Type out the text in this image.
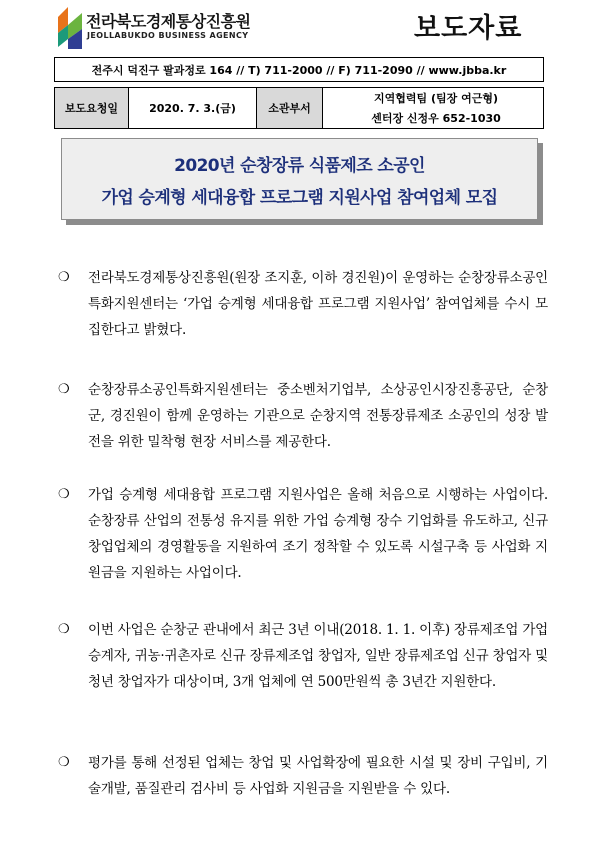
전라북도경제통상진흥원
JEOLLABUKDO BUSINESS AGENCY	보도자료
전주시 덕진구 팔과정로 164 // T) 711-2000 // F) 711-2090 // www.jbba.kr
보도요청일	2020. 7. 3.(금)	소관부서
지역협력팀 (팀장 여근형)
센터장 신정우 652-1030
2020년 순창장류 식품제조 소공인
가업 승계형 세대융합 프로그램 지원사업 참여업체 모집
❍ 전라북도경제통상진흥원(원장 조지훈, 이하 경진원)이 운영하는 순창장류소공인특화지원센터는 ‘가업 승계형 세대융합 프로그램 지원사업’ 참여업체를 수시 모집한다고 밝혔다.
❍ 순창장류소공인특화지원센터는 중소벤처기업부, 소상공인시장진흥공단, 순창군, 경진원이 함께 운영하는 기관으로 순창지역 전통장류제조 소공인의 성장 발전을 위한 밀착형 현장 서비스를 제공한다.
❍ 가업 승계형 세대융합 프로그램 지원사업은 올해 처음으로 시행하는 사업이다. 순창장류 산업의 전통성 유지를 위한 가업 승계형 장수 기업화를 유도하고, 신규 창업업체의 경영활동을 지원하여 조기 정착할 수 있도록 시설구축 등 사업화 지원금을 지원하는 사업이다.
❍ 이번 사업은 순창군 관내에서 최근 3년 이내(2018. 1. 1. 이후) 장류제조업 가업승계자, 귀농·귀촌자로 신규 장류제조업 창업자, 일반 장류제조업 신규 창업자 및 청년 창업자가 대상이며, 3개 업체에 연 500만원씩 총 3년간 지원한다.
❍ 평가를 통해 선정된 업체는 창업 및 사업확장에 필요한 시설 및 장비 구입비, 기술개발, 품질관리 검사비 등 사업화 지원금을 지원받을 수 있다.
